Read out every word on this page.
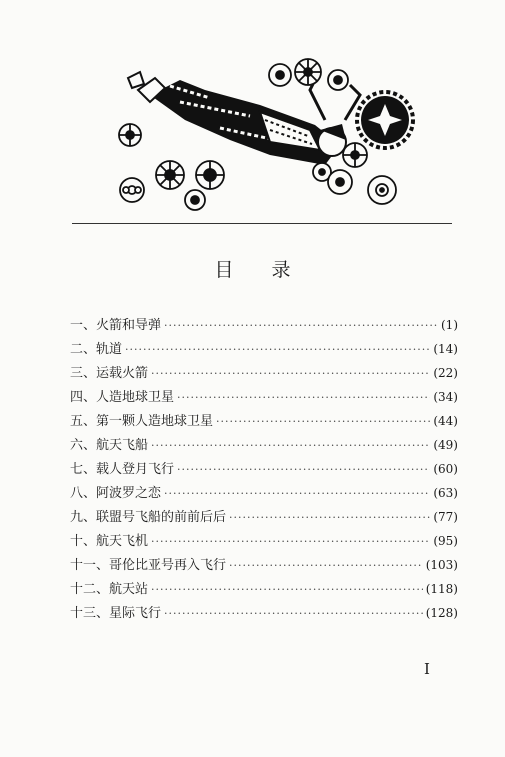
目录
一、火箭和导弹 ·····	(1)
二、轨道 ·····	(14)
三、运载火箭 ·····	(22)
四、人造地球卫星 ·····	(34)
五、第一颗人造地球卫星 ·····	(44)
六、航天飞船 ·····	(49)
七、载人登月飞行 ·····	(60)
八、阿波罗之恋 ·····	(63)
九、联盟号飞船的前前后后 ·····	(77)
十、航天飞机 ·····	(95)
十一、哥伦比亚号再入飞行 ·····	(103)
十二、航天站 ·····	(118)
十三、星际飞行 ·····	(128)
I
